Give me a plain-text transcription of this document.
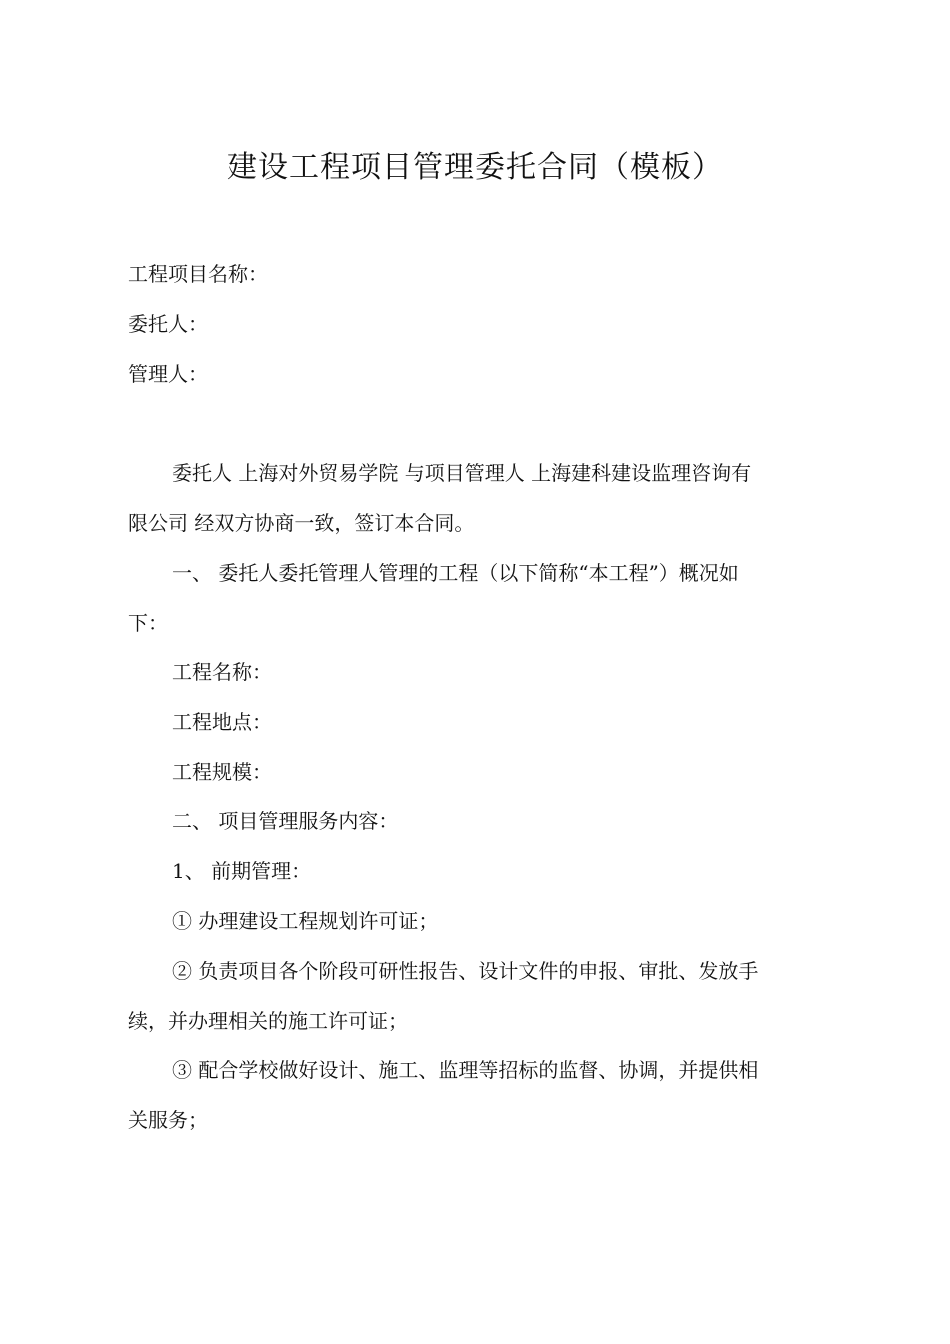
建设工程项目管理委托合同（模板）
工程项目名称：
委托人：
管理人：
委托人 上海对外贸易学院 与项目管理人 上海建科建设监理咨询有
限公司 经双方协商一致，签订本合同。
一、 委托人委托管理人管理的工程（以下简称“本工程”）概况如
下：
工程名称：
工程地点：
工程规模：
二、 项目管理服务内容：
1、 前期管理：
① 办理建设工程规划许可证；
② 负责项目各个阶段可研性报告、设计文件的申报、审批、发放手
续，并办理相关的施工许可证；
③ 配合学校做好设计、施工、监理等招标的监督、协调，并提供相
关服务；
